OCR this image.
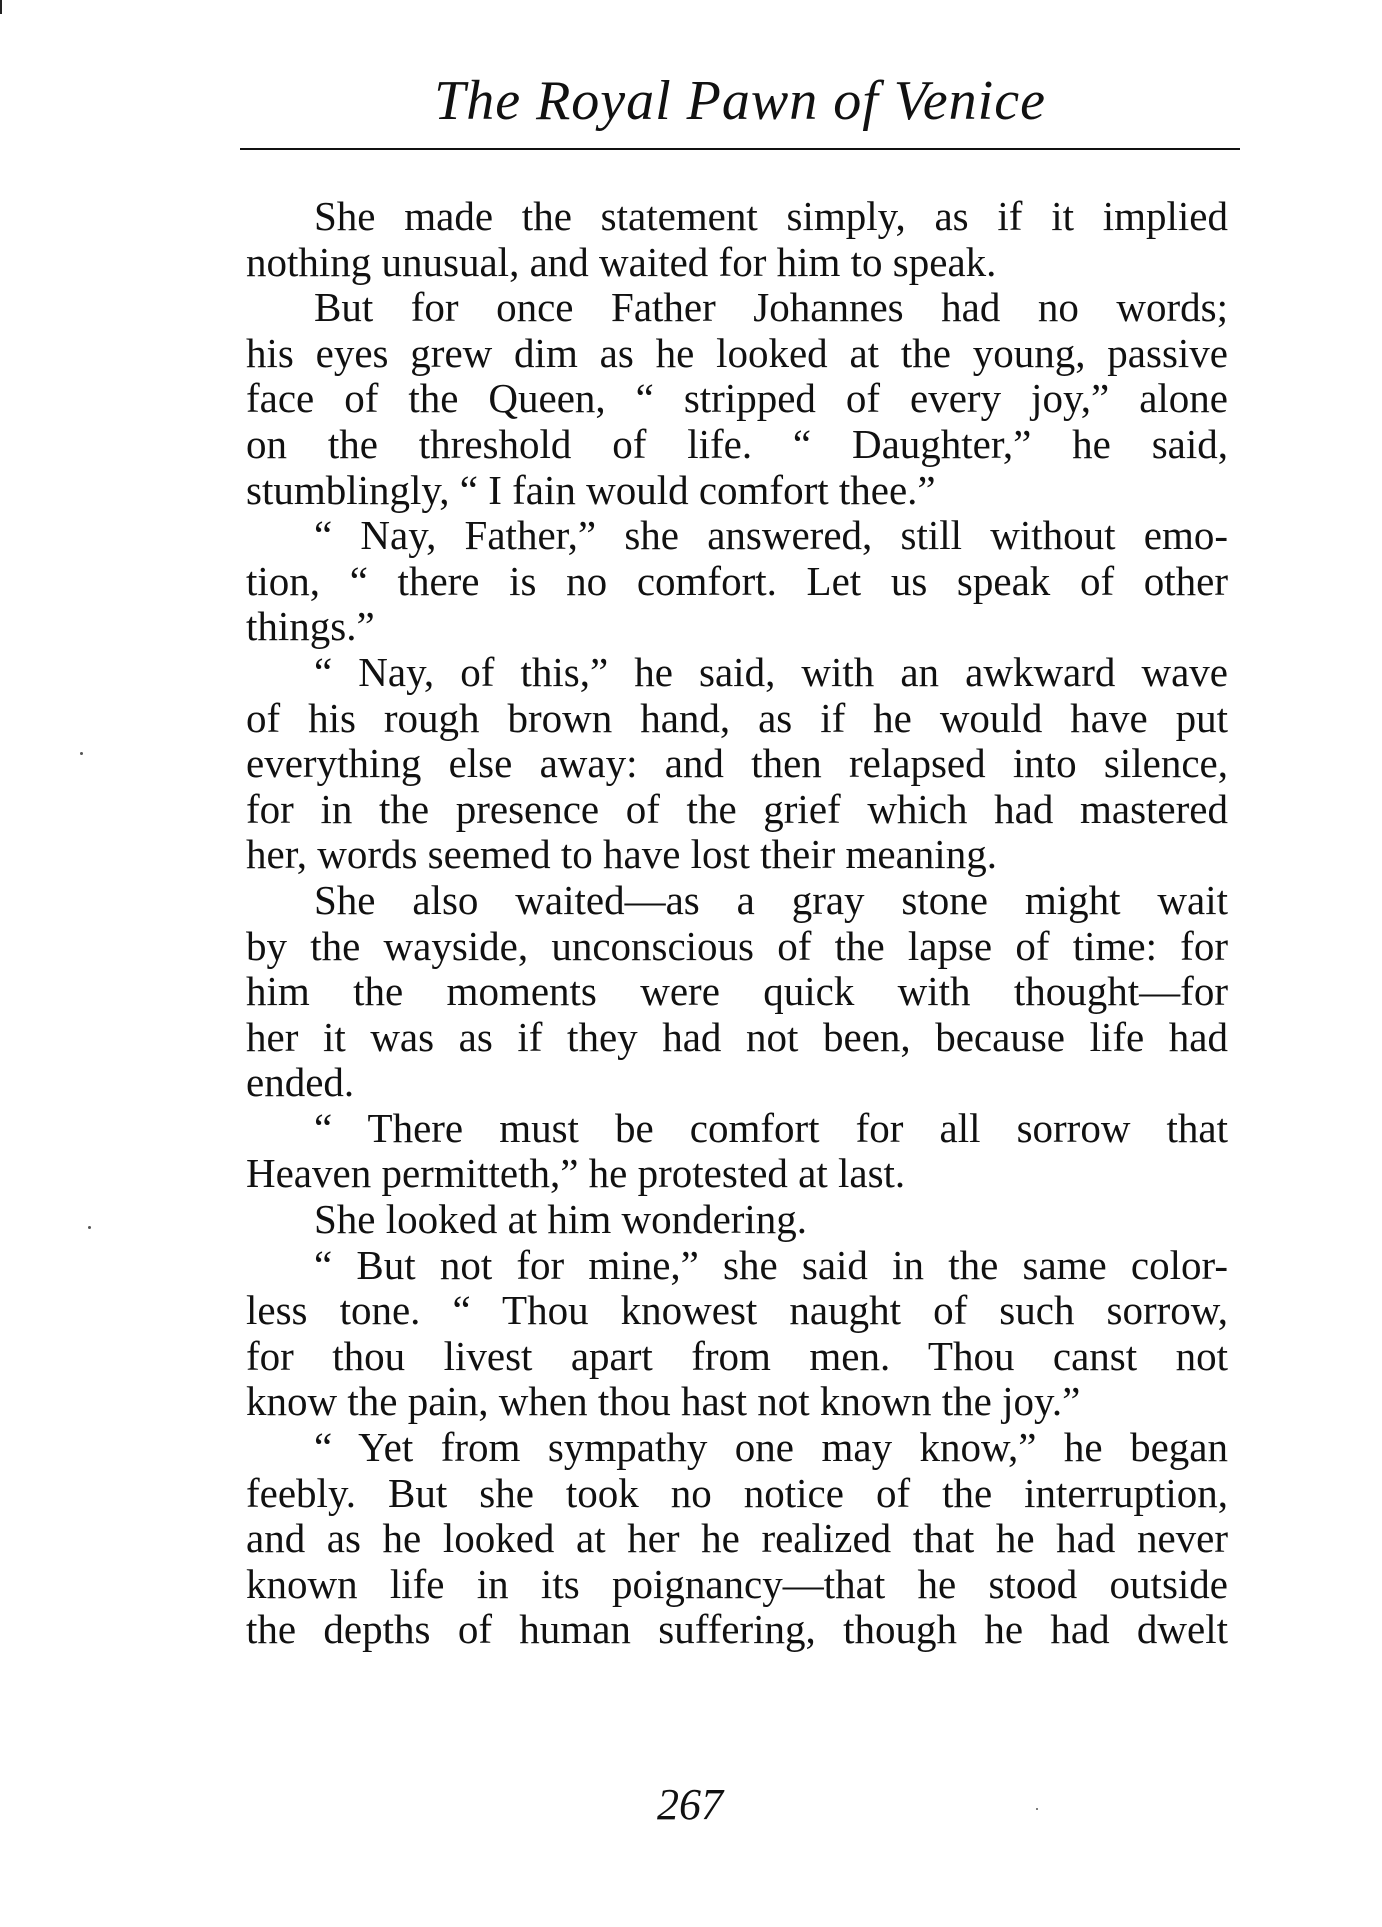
The Royal Pawn of Venice
She made the statement simply, as if it implied
nothing unusual, and waited for him to speak.
But for once Father Johannes had no words;
his eyes grew dim as he looked at the young, passive
face of the Queen, “ stripped of every joy,” alone
on the threshold of life. “ Daughter,” he said,
stumblingly, “ I fain would comfort thee.”
“ Nay, Father,” she answered, still without emo-
tion, “ there is no comfort. Let us speak of other
things.”
“ Nay, of this,” he said, with an awkward wave
of his rough brown hand, as if he would have put
everything else away: and then relapsed into silence,
for in the presence of the grief which had mastered
her, words seemed to have lost their meaning.
She also waited—as a gray stone might wait
by the wayside, unconscious of the lapse of time: for
him the moments were quick with thought—for
her it was as if they had not been, because life had
ended.
“ There must be comfort for all sorrow that
Heaven permitteth,” he protested at last.
She looked at him wondering.
“ But not for mine,” she said in the same color-
less tone. “ Thou knowest naught of such sorrow,
for thou livest apart from men. Thou canst not
know the pain, when thou hast not known the joy.”
“ Yet from sympathy one may know,” he began
feebly. But she took no notice of the interruption,
and as he looked at her he realized that he had never
known life in its poignancy—that he stood outside
the depths of human suffering, though he had dwelt
267
